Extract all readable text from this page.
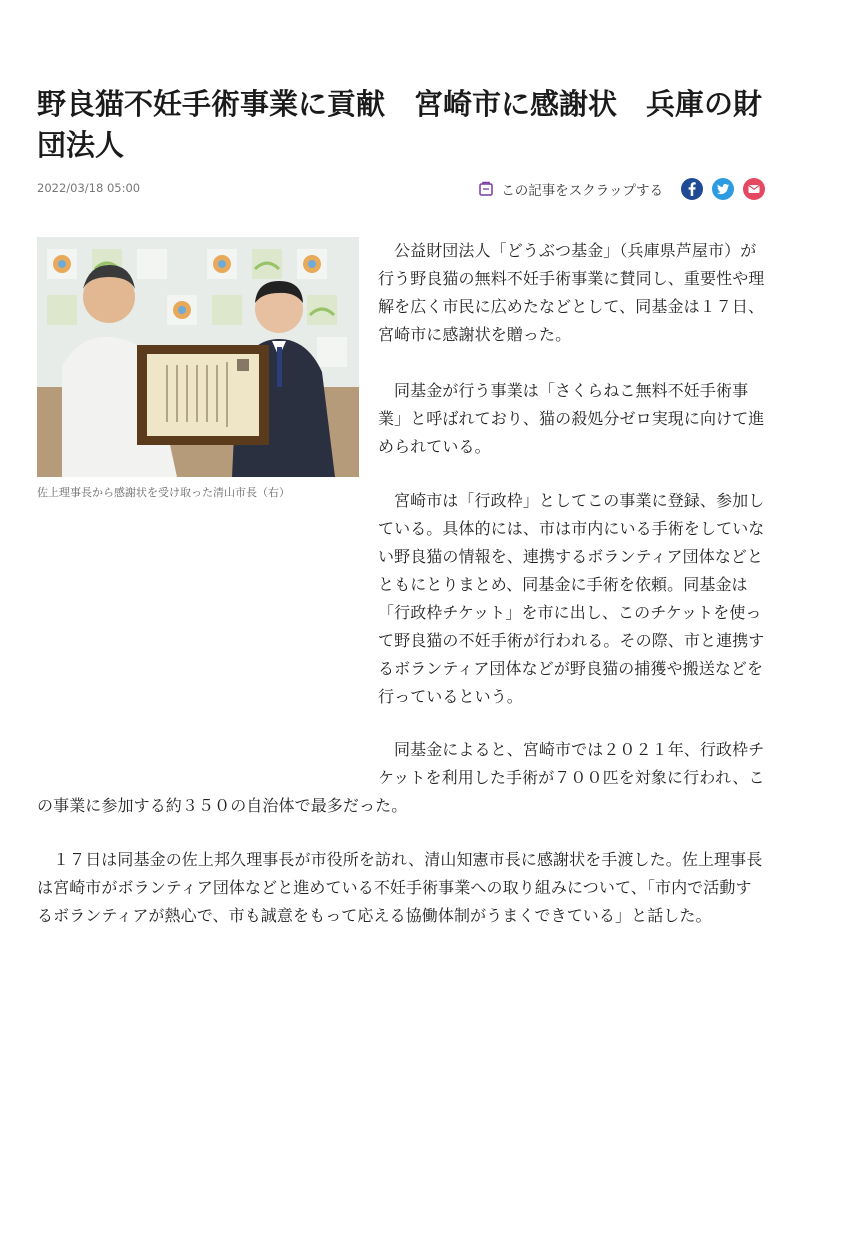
野良猫不妊手術事業に貢献　宮崎市に感謝状　兵庫の財団法人
2022/03/18 05:00	この記事をスクラップする
佐上理事長から感謝状を受け取った清山市長（右）

公益財団法人「どうぶつ基金」（兵庫県芦屋市）が行う野良猫の無料不妊手術事業に賛同し、重要性や理解を広く市民に広めたなどとして、同基金は１７日、宮崎市に感謝状を贈った。

同基金が行う事業は「さくらねこ無料不妊手術事業」と呼ばれており、猫の殺処分ゼロ実現に向けて進められている。

宮崎市は「行政枠」としてこの事業に登録、参加している。具体的には、市は市内にいる手術をしていない野良猫の情報を、連携するボランティア団体などとともにとりまとめ、同基金に手術を依頼。同基金は「行政枠チケット」を市に出し、このチケットを使って野良猫の不妊手術が行われる。その際、市と連携するボランティア団体などが野良猫の捕獲や搬送などを行っているという。

同基金によると、宮崎市では２０２１年、行政枠チ
ケットを利用した手術が７００匹を対象に行われ、こ

の事業に参加する約３５０の自治体で最多だった。

１７日は同基金の佐上邦久理事長が市役所を訪れ、清山知憲市長に感謝状を手渡した。佐上理事長は宮崎市がボランティア団体などと進めている不妊手術事業への取り組みについて、「市内で活動するボランティアが熱心で、市も誠意をもって応える協働体制がうまくできている」と話した。
